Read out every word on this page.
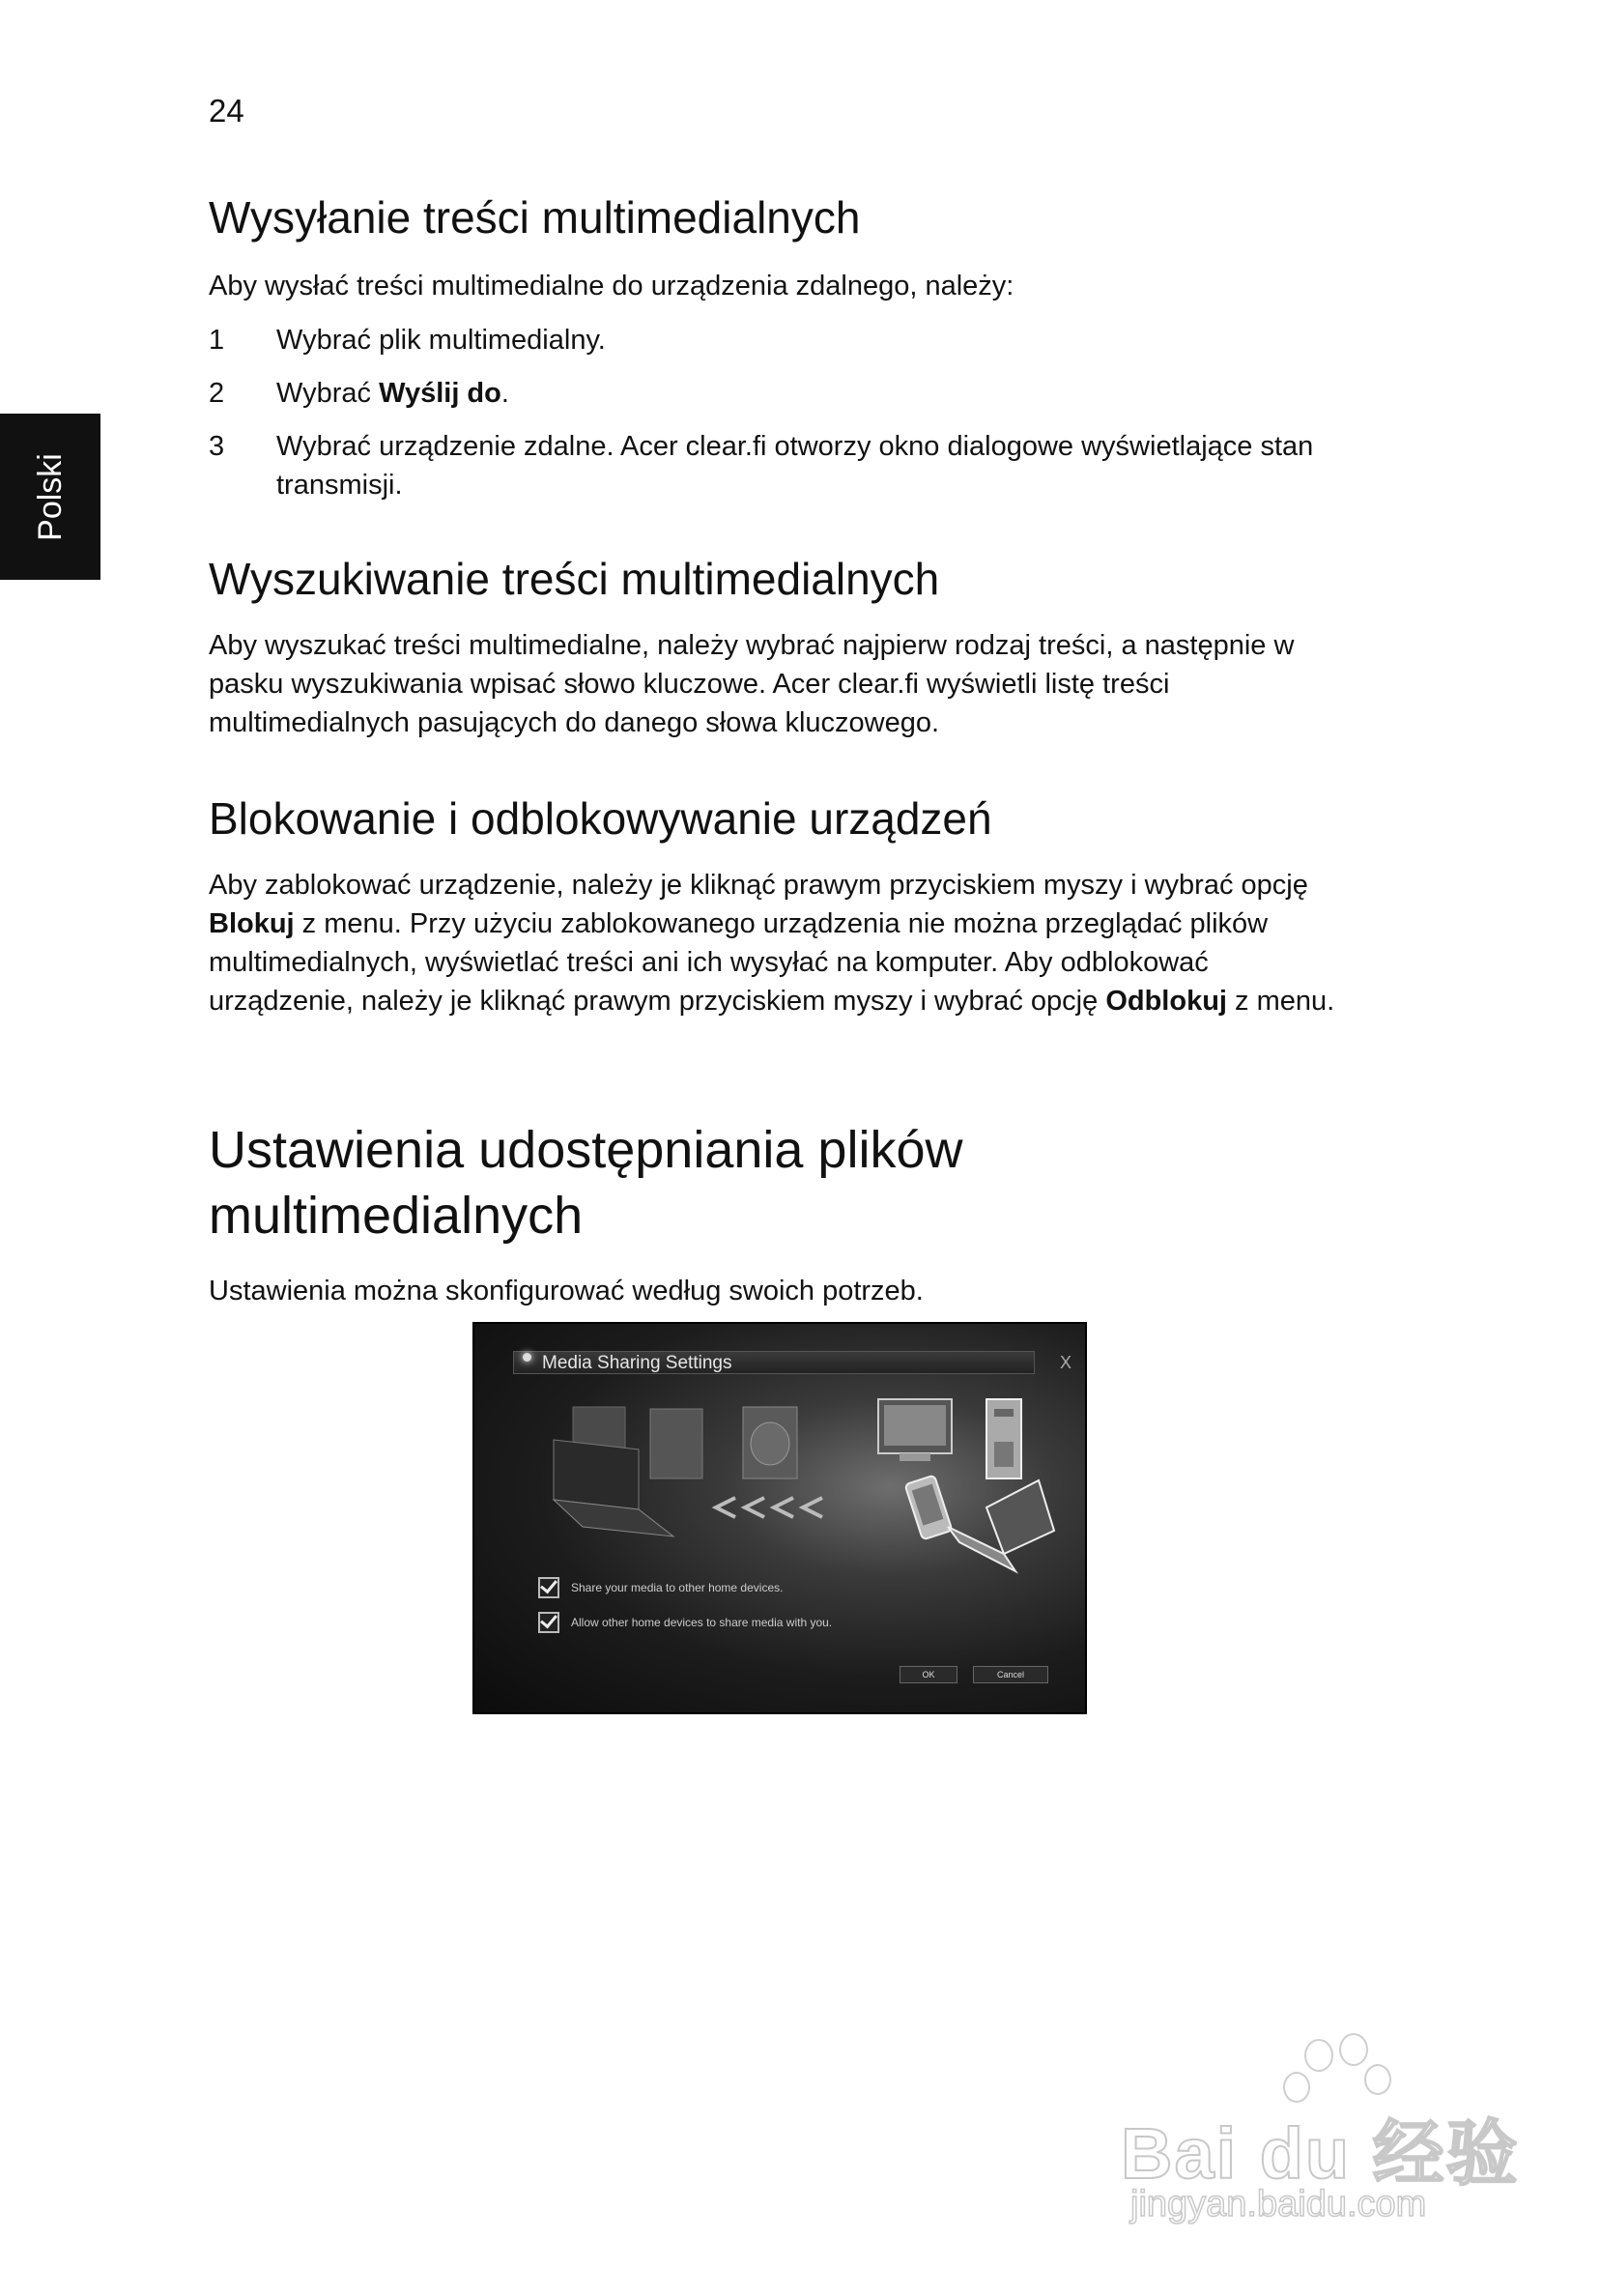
24
Polski
Wysyłanie treści multimedialnych

Aby wysłać treści multimedialne do urządzenia zdalnego, należy:

1 Wybrać plik multimedialny.
2 Wybrać Wyślij do.
3 Wybrać urządzenie zdalne. Acer clear.fi otworzy okno dialogowe wyświetlające stan transmisji.
Wyszukiwanie treści multimedialnych

Aby wyszukać treści multimedialne, należy wybrać najpierw rodzaj treści, a następnie w pasku wyszukiwania wpisać słowo kluczowe. Acer clear.fi wyświetli listę treści multimedialnych pasujących do danego słowa kluczowego.

Blokowanie i odblokowywanie urządzeń

Aby zablokować urządzenie, należy je kliknąć prawym przyciskiem myszy i wybrać opcję Blokuj z menu. Przy użyciu zablokowanego urządzenia nie można przeglądać plików multimedialnych, wyświetlać treści ani ich wysyłać na komputer. Aby odblokować urządzenie, należy je kliknąć prawym przyciskiem myszy i wybrać opcję Odblokuj z menu.

Ustawienia udostępniania plików multimedialnych

Ustawienia można skonfigurować według swoich potrzeb.

Media Sharing Settings	X
Share your media to other home devices.
Allow other home devices to share media with you.
OK	Cancel
Bai du 经验
jingyan.baidu.com
